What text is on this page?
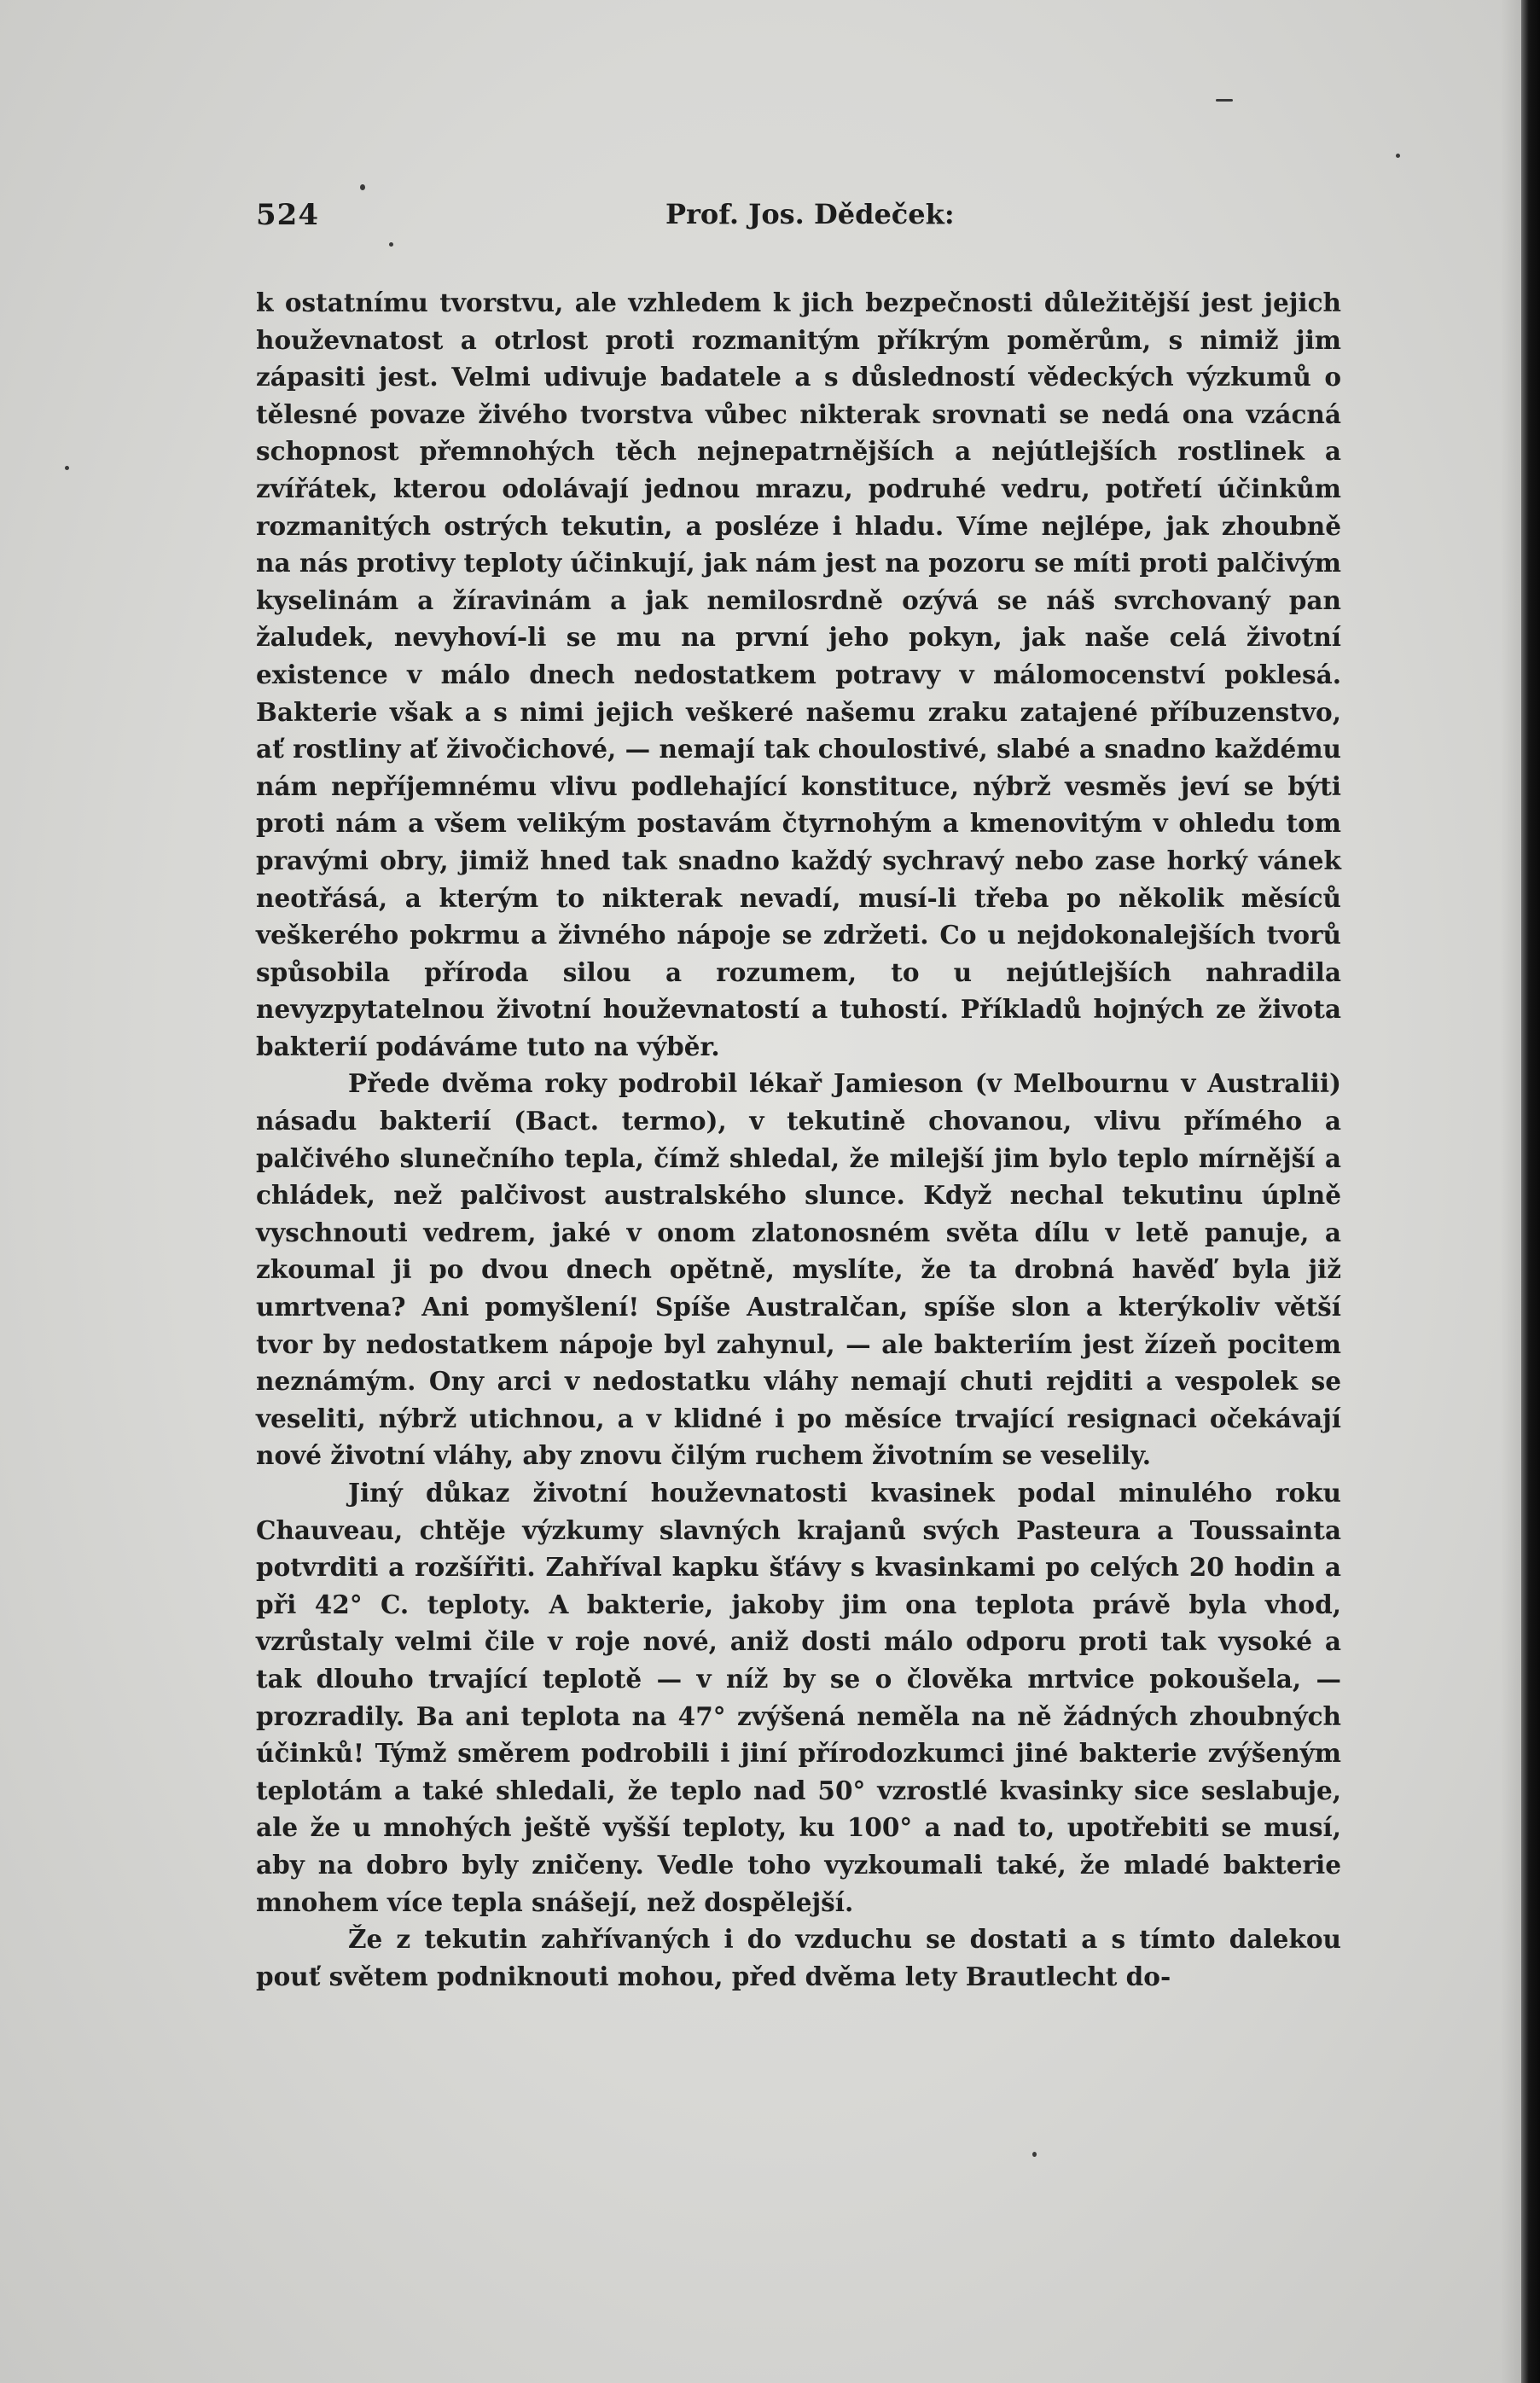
524	Prof. Jos. Dědeček:

k ostatnímu tvorstvu, ale vzhledem k jich bezpečnosti důležitější jest jejich houževnatost a otrlost proti rozmanitým příkrým poměrům, s nimiž jim zápasiti jest. Velmi udivuje badatele a s důsledností vědeckých výzkumů o tělesné povaze živého tvorstva vůbec nikterak srovnati se nedá ona vzácná schopnost přemnohých těch nejnepatrnějších a nejútlejších rostlinek a zvířátek, kterou odolávají jednou mrazu, podruhé vedru, potřetí účinkům rozmanitých ostrých tekutin, a posléze i hladu. Víme nejlépe, jak zhoubně na nás protivy teploty účinkují, jak nám jest na pozoru se míti proti palčivým kyselinám a žíravinám a jak nemilosrdně ozývá se náš svrchovaný pan žaludek, nevyhoví-li se mu na první jeho pokyn, jak naše celá životní existence v málo dnech nedostatkem potravy v málomocenství poklesá. Bakterie však a s nimi jejich veškeré našemu zraku zatajené příbuzenstvo, ať rostliny ať živočichové, — nemají tak choulostivé, slabé a snadno každému nám nepříjemnému vlivu podlehající konstituce, nýbrž vesměs jeví se býti proti nám a všem velikým postavám čtyrnohým a kmenovitým v ohledu tom pravými obry, jimiž hned tak snadno každý sychravý nebo zase horký vánek neotřásá, a kterým to nikterak nevadí, musí-li třeba po několik měsíců veškerého pokrmu a živného nápoje se zdržeti. Co u nejdokonalejších tvorů spůsobila příroda silou a rozumem, to u nejútlejších nahradila nevyzpytatelnou životní houževnatostí a tuhostí. Příkladů hojných ze života bakterií podáváme tuto na výběr.

Přede dvěma roky podrobil lékař Jamieson (v Melbournu v Australii) násadu bakterií (Bact. termo), v tekutině chovanou, vlivu přímého a palčivého slunečního tepla, čímž shledal, že milejší jim bylo teplo mírnější a chládek, než palčivost australského slunce. Když nechal tekutinu úplně vyschnouti vedrem, jaké v onom zlatonosném světa dílu v letě panuje, a zkoumal ji po dvou dnech opětně, myslíte, že ta drobná havěď byla již umrtvena? Ani pomyšlení! Spíše Australčan, spíše slon a kterýkoliv větší tvor by nedostatkem nápoje byl zahynul, — ale bakteriím jest žízeň pocitem neznámým. Ony arci v nedostatku vláhy nemají chuti rejditi a vespolek se veseliti, nýbrž utichnou, a v klidné i po měsíce trvající resignaci očekávají nové životní vláhy, aby znovu čilým ruchem životním se veselily.

Jiný důkaz životní houževnatosti kvasinek podal minulého roku Chauveau, chtěje výzkumy slavných krajanů svých Pasteura a Toussainta potvrditi a rozšířiti. Zahříval kapku šťávy s kvasinkami po celých 20 hodin a při 42° C. teploty. A bakterie, jakoby jim ona teplota právě byla vhod, vzrůstaly velmi čile v roje nové, aniž dosti málo odporu proti tak vysoké a tak dlouho trvající teplotě — v níž by se o člověka mrtvice pokoušela, — prozradily. Ba ani teplota na 47° zvýšená neměla na ně žádných zhoubných účinků! Týmž směrem podrobili i jiní přírodozkumci jiné bakterie zvýšeným teplotám a také shledali, že teplo nad 50° vzrostlé kvasinky sice seslabuje, ale že u mnohých ještě vyšší teploty, ku 100° a nad to, upotřebiti se musí, aby na dobro byly zničeny. Vedle toho vyzkoumali také, že mladé bakterie mnohem více tepla snášejí, než dospělejší.

Že z tekutin zahřívaných i do vzduchu se dostati a s tímto dalekou pouť světem podniknouti mohou, před dvěma lety Brautlecht do-
